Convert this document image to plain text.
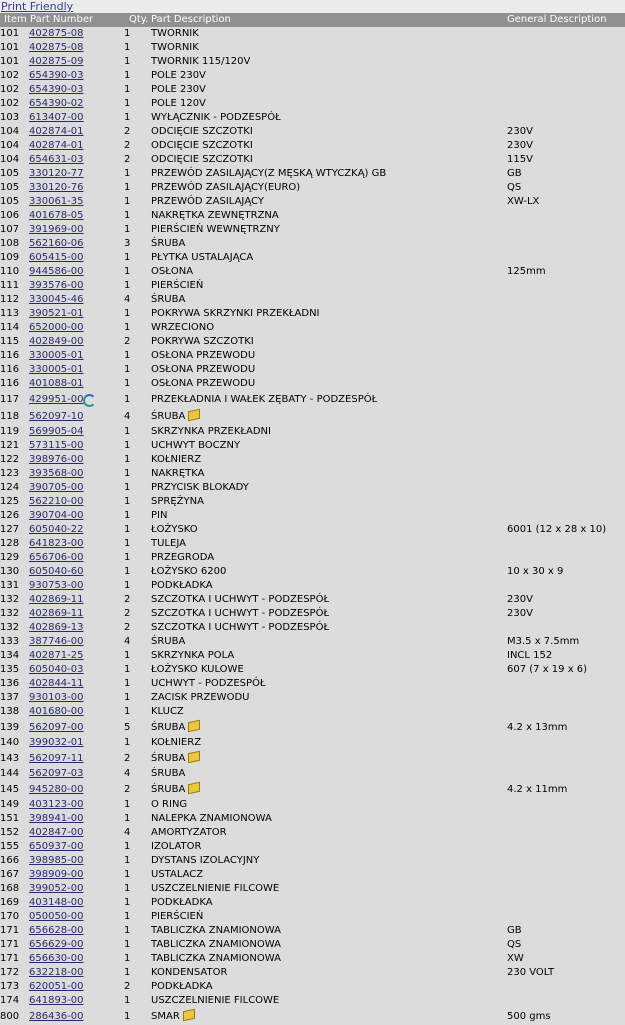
Print Friendly
Item Part Number	Qty. Part Description	General Description
101 402875-08	1 TWORNIK
101 402875-08	1 TWORNIK
101 402875-09	1 TWORNIK 115/120V
102 654390-03	1 POLE 230V
102 654390-03	1 POLE 230V
102 654390-02	1 POLE 120V
103 613407-00	1 WYŁĄCZNIK - PODZESPÓŁ
104 402874-01	2 ODCIĘCIE SZCZOTKI	230V
104 402874-01	2 ODCIĘCIE SZCZOTKI	230V
104 654631-03	2 ODCIĘCIE SZCZOTKI	115V
105 330120-77	1 PRZEWÓD ZASILAJĄCY(Z MĘSKĄ WTYCZKĄ) GB	GB
105 330120-76	1 PRZEWÓD ZASILAJĄCY(EURO)	QS
105 330061-35	1 PRZEWÓD ZASILAJĄCY	XW-LX
106 401678-05	1 NAKRĘTKA ZEWNĘTRZNA
107 391969-00	1 PIERŚCIEŃ WEWNĘTRZNY
108 562160-06	3 ŚRUBA
109 605415-00	1 PŁYTKA USTALAJĄCA
110 944586-00	1 OSŁONA	125mm
111 393576-00	1 PIERŚCIEŃ
112 330045-46	4 ŚRUBA
113 390521-01	1 POKRYWA SKRZYNKI PRZEKŁADNI
114 652000-00	1 WRZECIONO
115 402849-00	2 POKRYWA SZCZOTKI
116 330005-01	1 OSŁONA PRZEWODU
116 330005-01	1 OSŁONA PRZEWODU
116 401088-01	1 OSŁONA PRZEWODU
117 429951-00	1 PRZEKŁADNIA I WAŁEK ZĘBATY - PODZESPÓŁ
118 562097-10	4 ŚRUBA
119 569905-04	1 SKRZYNKA PRZEKŁADNI
121 573115-00	1 UCHWYT BOCZNY
122 398976-00	1 KOŁNIERZ
123 393568-00	1 NAKRĘTKA
124 390705-00	1 PRZYCISK BLOKADY
125 562210-00	1 SPRĘŻYNA
126 390704-00	1 PIN
127 605040-22	1 ŁOŻYSKO	6001 (12 x 28 x 10)
128 641823-00	1 TULEJA
129 656706-00	1 PRZEGRODA
130 605040-60	1 ŁOŻYSKO 6200	10 x 30 x 9
131 930753-00	1 PODKŁADKA
132 402869-11	2 SZCZOTKA I UCHWYT - PODZESPÓŁ	230V
132 402869-11	2 SZCZOTKA I UCHWYT - PODZESPÓŁ	230V
132 402869-13	2 SZCZOTKA I UCHWYT - PODZESPÓŁ
133 387746-00	4 ŚRUBA	M3.5 x 7.5mm
134 402871-25	1 SKRZYNKA POLA	INCL 152
135 605040-03	1 ŁOŻYSKO KULOWE	607 (7 x 19 x 6)
136 402844-11	1 UCHWYT - PODZESPÓŁ
137 930103-00	1 ZACISK PRZEWODU
138 401680-00	1 KLUCZ
139 562097-00	5 ŚRUBA	4.2 x 13mm
140 399032-01	1 KOŁNIERZ
143 562097-11	2 ŚRUBA
144 562097-03	4 ŚRUBA
145 945280-00	2 ŚRUBA	4.2 x 11mm
149 403123-00	1 O RING
151 398941-00	1 NALEPKA ZNAMIONOWA
152 402847-00	4 AMORTYZATOR
155 650937-00	1 IZOLATOR
166 398985-00	1 DYSTANS IZOLACYJNY
167 398909-00	1 USTALACZ
168 399052-00	1 USZCZELNIENIE FILCOWE
169 403148-00	1 PODKŁADKA
170 050050-00	1 PIERŚCIEŃ
171 656628-00	1 TABLICZKA ZNAMIONOWA	GB
171 656629-00	1 TABLICZKA ZNAMIONOWA	QS
171 656630-00	1 TABLICZKA ZNAMIONOWA	XW
172 632218-00	1 KONDENSATOR	230 VOLT
173 620051-00	2 PODKŁADKA
174 641893-00	1 USZCZELNIENIE FILCOWE
800 286436-00	1 SMAR	500 gms
